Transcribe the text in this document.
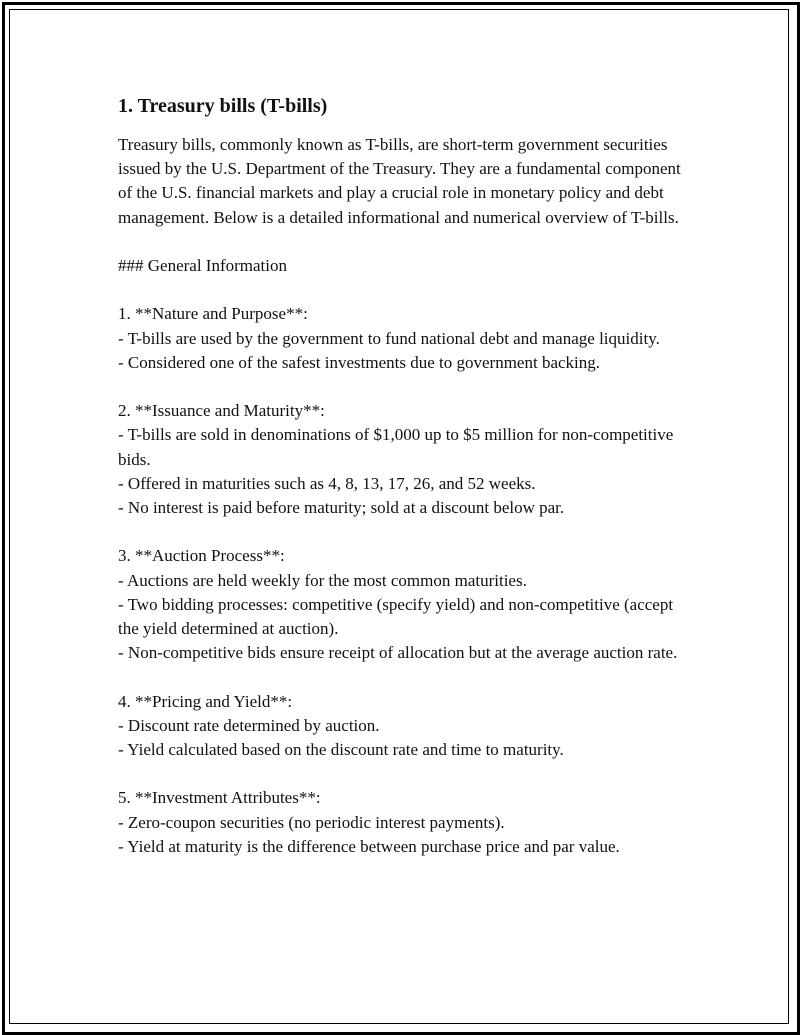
1. Treasury bills (T-bills)

Treasury bills, commonly known as T-bills, are short-term government securities issued by the U.S. Department of the Treasury. They are a fundamental component of the U.S. financial markets and play a crucial role in monetary policy and debt management. Below is a detailed informational and numerical overview of T-bills.

### General Information

1. **Nature and Purpose**:

- T-bills are used by the government to fund national debt and manage liquidity.

- Considered one of the safest investments due to government backing.

2. **Issuance and Maturity**:

- T-bills are sold in denominations of $1,000 up to $5 million for non-competitive bids.

- Offered in maturities such as 4, 8, 13, 17, 26, and 52 weeks.

- No interest is paid before maturity; sold at a discount below par.

3. **Auction Process**:

- Auctions are held weekly for the most common maturities.

- Two bidding processes: competitive (specify yield) and non-competitive (accept the yield determined at auction).

- Non-competitive bids ensure receipt of allocation but at the average auction rate.

4. **Pricing and Yield**:

- Discount rate determined by auction.

- Yield calculated based on the discount rate and time to maturity.

5. **Investment Attributes**:

- Zero-coupon securities (no periodic interest payments).

- Yield at maturity is the difference between purchase price and par value.
